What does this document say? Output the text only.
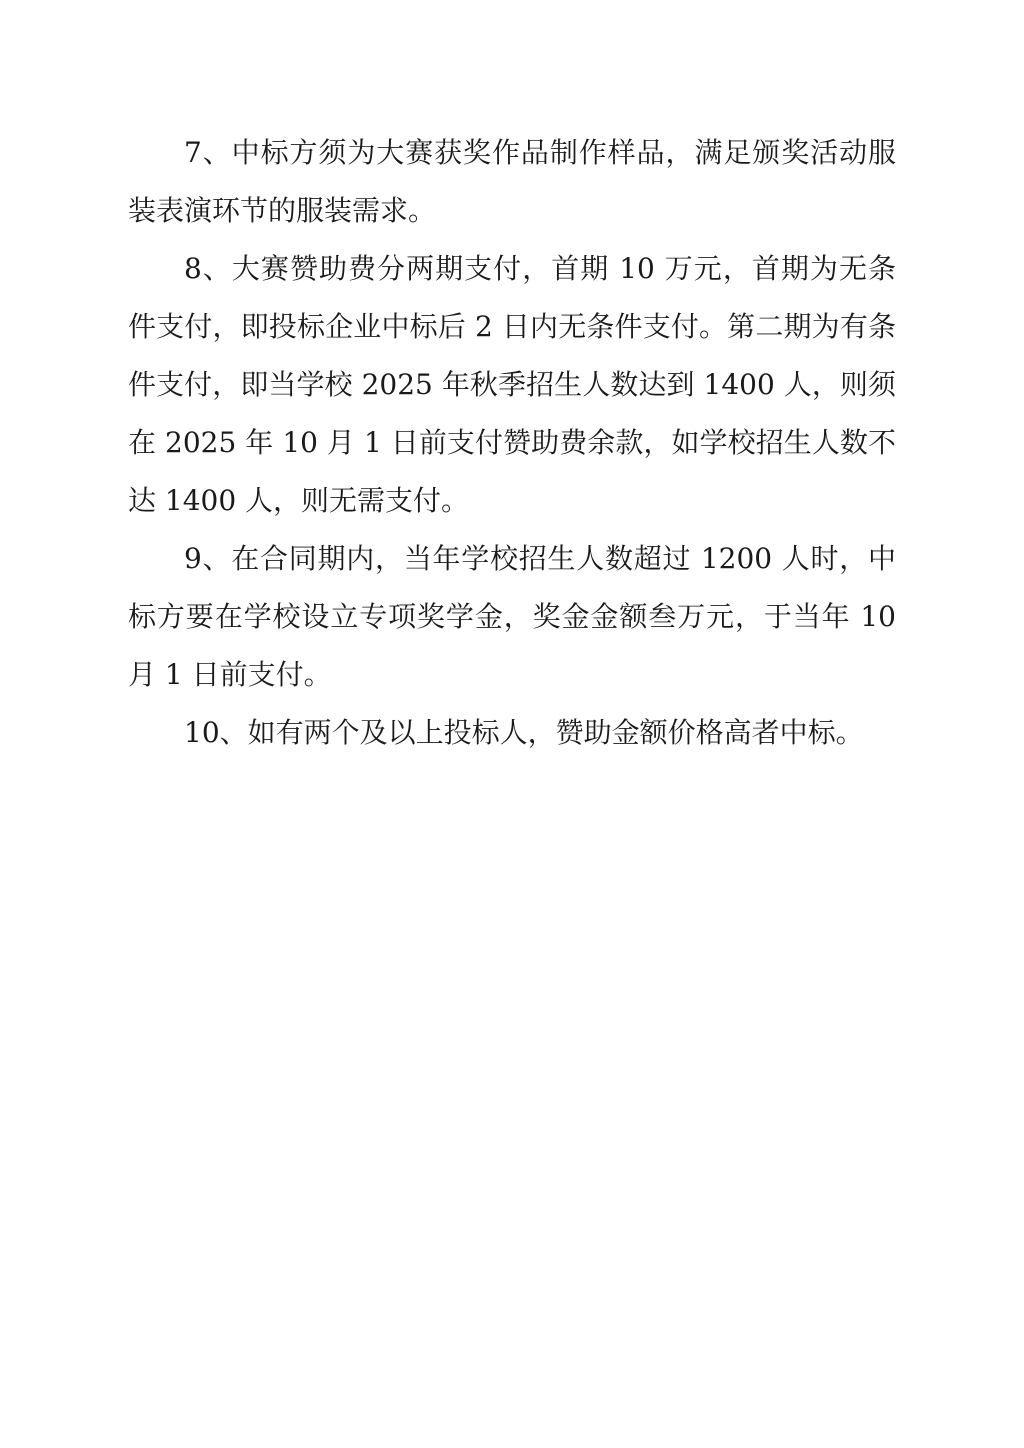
7、中标方须为大赛获奖作品制作样品，满足颁奖活动服装表演环节的服装需求。

8、大赛赞助费分两期支付，首期 10 万元，首期为无条件支付，即投标企业中标后 2 日内无条件支付。第二期为有条件支付，即当学校 2025 年秋季招生人数达到 1400 人，则须在 2025 年 10 月 1 日前支付赞助费余款，如学校招生人数不达 1400 人，则无需支付。

9、在合同期内，当年学校招生人数超过 1200 人时，中标方要在学校设立专项奖学金，奖金金额叁万元，于当年 10 月 1 日前支付。

10、如有两个及以上投标人，赞助金额价格高者中标。
